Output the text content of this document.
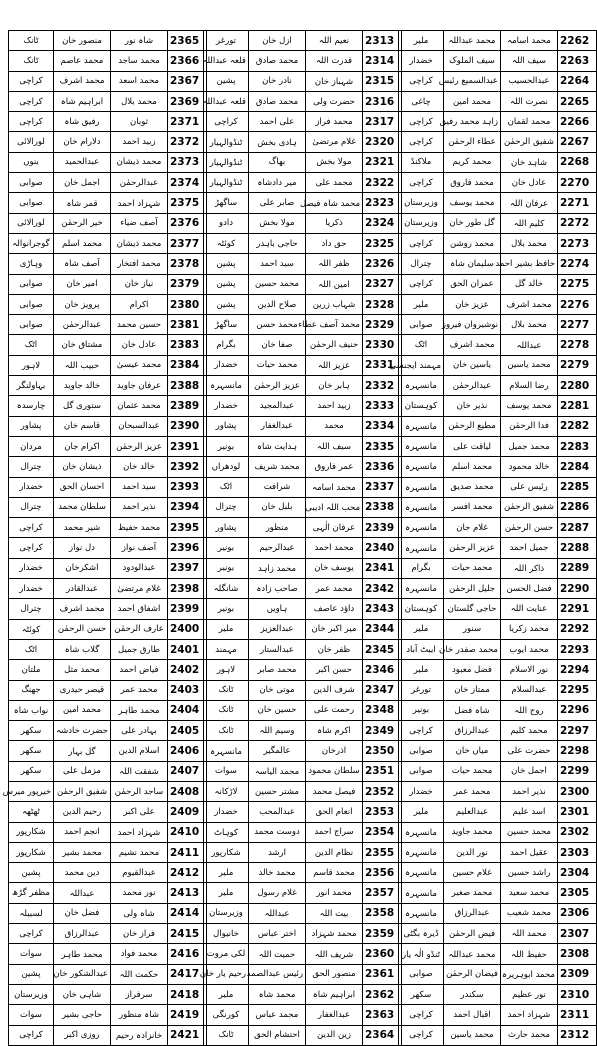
ٹانک	منصور خان	شاہ نور	2365
ٹانک	محمد عاصم	محمد ساجد	2366
کراچی	محمد اشرف	محمد اسعد	2367
کراچی	ابراہیم شاہ	محمد بلال	2369
کراچی	رفیق شاہ	ثوبان	2371
لورالائی	دلارام خان	زبید احمد	2372
بنوں	عبدالحمید	محمد ذیشان	2373
صوابی	اجمل خان	عبدالرحمٰن	2374
صوابی	قمر شاہ	شہزاد احمد	2375
لورالائی	خیر الرحمٰن	آصف ضیاء	2376
گوجرانوالہ	محمد اسلم	محمد ذیشان	2377
وہاڑی	آصف شاہ	محمد افتخار	2378
صوابی	امیر خان	نیاز خان	2379
صوابی	پرویز خان	اکرام	2380
صوابی	عبدالرحمٰن	حسین محمد	2381
اٹک	مشتاق خان	عادل خان	2383
لاہور	حبیب اللہ	محمد عیسیٰ	2384
بہاولنگر	خالد جاوید	عرفان جاوید	2388
چارسدہ	ستوری گل	محمد عثمان	2389
پشاور	قاسم خان	عبدالسبحان	2390
مردان	اکرام جان	عزیز الرحمٰن	2391
چترال	ذیشان خان	خالد خان	2392
خضدار	احسان الحق	سید احمد	2393
چترال	سلطان محمد	نذیر احمد	2394
کراچی	شیر محمد	محمد حفیظ	2395
کراچی	دل نواز	آصف نواز	2396
خضدار	اشکرخان	عبدالودود	2397
خضدار	عبدالقادر	غلام مرتضیٰ	2398
چترال	محمد اشرف	اشفاق احمد	2399
کوئٹہ	حسن الرحمٰن	عارف الرحمٰن	2400
اٹک	گلاب شاہ	طارق جمیل	2401
ملتان	محمد مثل	فیاض احمد	2402
جھنگ	قیصر حیدری	محمد عمر	2403
نواب شاہ	محمد امین	محمد طاہر	2404
سکھر	حضرت خادشہ	بہادر علی	2405
سکھر	گل بہار	اسلام الدین	2406
سکھر	مزمل علی	شفقت اللہ	2407
خیرپور میرس	شفیق الرحمٰن	ساجد الرحمٰن	2408
ٹھٹھہ	رحیم الدین	علی اکبر	2409
شکارپور	انجم احمد	شہزاد احمد	2410
شکارپور	محمد بشیر	محمد نشیم	2411
پشین	دین محمد	عبدالقیوم	2412
مظفر گڑھ	عبداللہ	نور محمد	2413
لسبیلہ	فضل خان	شاہ ولی	2414
کراچی	عبدالرزاق	فراز خان	2415
سوات	محمد طاہر	محمد فواد	2416
پشین	عبدالشکور خان	حکمت اللہ	2417
وزیرستان	شاہی خان	سرفراز	2418
سوات	حاجی بشیر	شاہ منظور	2419
کراچی	روزی اکبر	خانزادہ رحیم	2421
تورغر	ازل خان	نعیم اللہ	2313
قلعہ عبداللہ	محمد صادق	قدرت اللہ	2314
پشین	نادر خان	شہباز خان	2315
قلعہ عبداللہ	محمد صادق	حضرت ولی	2316
کراچی	علی احمد	محمد فراز	2317
ٹنڈوالہیار	ہادی بخش	غلام مرتضیٰ	2320
ٹنڈوالہیار	بھاگ	مولا بخش	2321
ٹنڈوالہیار	میر دادشاہ	محمد علی	2322
ساگھڑ	صابر علی	محمد شاہ فیصل	2323
دادو	مولا بخش	ذکریا	2324
کوئٹہ	حاجی باہدر	حق داد	2325
پشین	سید احمد	ظفر اللہ	2326
پشین	محمد حسین	امین اللہ	2327
پشین	صلاح الدین	شہاب زرین	2328
ساگھڑ	محمد حسن	محمد آصف عطاء	2329
بگرام	صفا خان	حنیف الرحمٰن	2330
خضدار	محمد حیات	عزیز اللہ	2331
مانسہرہ	عزیز الرحمٰن	ہابر خان	2332
خضدار	عبدالمجید	زبید احمد	2333
پشاور	عبدالغفار	محمد	2334
بونیر	ہدایت شاہ	سیف اللہ	2335
لودھراں	محمد شریف	عمر فاروق	2336
اٹک	شرافت	محمد اسامہ	2337
چترال	بلبل خان	محب اللہ ادیبی	2338
پشاور	منظور	عرفان الٰہی	2339
بونیر	عبدالرحیم	محمد احمد	2340
بونیر	محمد زاہد	یوسف خان	2341
شانگلہ	صاحب زادہ	محمد عمر	2342
بونیر	ہاویں	داؤد عاصف	2343
ملیر	عبدالعزیز	میر اکبر خان	2344
مہمند	عبدالستار	ظفر خان	2345
لاہور	محمد صابر	حسن اکبر	2346
ٹانک	موتی خان	شرف الدین	2347
ٹانک	حسین خان	رحمت علی	2348
ٹانک	وسیم اللہ	اکرم شاہ	2349
مانسہرہ	عالمگیر	اذرخان	2350
سوات	محمد الیاسہ	سلطان محمود	2351
لاڑکانہ	مشتر حسین	فیصل محمد	2352
خضدار	عبدالمحب	انعام الحق	2353
کوہاٹ	دوست محمد	سراج احمد	2354
شکارپور	ارشد	نظام الدین	2355
ملیر	محمد خالد	محمد قاسم	2356
ملیر	غلام رسول	محمد انور	2357
وزیرستان	عبداللہ	بیت اللہ	2358
خانیوال	اختر عباس	محمد شہزاد	2359
لکی مروت	حمیت اللہ	شریف اللہ	2360
رحیم یار خان	رئیس عبدالصمد	منصور الحق	2361
ملیر	محمد شاہ	ابراہیم شاہ	2362
کورنگی	محمد عباس	عبدالغفار	2363
ٹانک	احتشام الحق	زین الدین	2364
ملیر	محمد عبداللہ	محمد اسامہ	2262
خضدار	سیف الملوک	سیف اللہ	2263
کراچی	عبدالسمیع رئیس	عبدالحسیب	2264
چاغی	محمد امین	نصرت اللہ	2265
کراچی	زاہد محمد رفیق	محمد لقمان	2266
کراچی	عطاء الرحمٰن	شفیق الرحمٰن	2267
ملاکنڈ	محمد کریم	شاہد خان	2268
کراچی	محمد فاروق	عادل خان	2270
وزیرستان	محمد یوسف	عرفان اللہ	2271
وزیرستان	گل طور خان	کلیم اللہ	2272
کراچی	محمد روشن	محمد بلال	2273
چترال	سلیمان شاہ	حافظ بشیر احمد	2274
کراچی	عمران الحق	خالد گل	2275
ملیر	عزیز خان	محمد اشرف	2276
صوابی	نوشیروان فیروز	محمد بلال	2277
اٹک	محمد اشرف	عبداللہ	2278
مہمند ایجنسی	یاسین خان	محمد یاسین	2279
مانسہرہ	عبدالرحمٰن	رضا السلام	2280
کوہستان	نذیر خان	محمد یوسف	2281
مانسہرہ	مطیع الرحمٰن	فدا الرحمٰن	2282
مانسہرہ	لیاقت علی	محمد جمیل	2283
مانسہرہ	محمد اسلم	خالد محمود	2284
مانسہرہ	محمد صدیق	رئیس علی	2285
مانسہرہ	محمد افسر	شفیق الرحمٰن	2286
مانسہرہ	غلام جان	حسن الرحمٰن	2287
مانسہرہ	عزیز الرحمٰن	جمیل احمد	2288
بگرام	محمد حیات	ذاکر اللہ	2289
مانسہرہ	جلیل الرحمٰن	فضل الحسن	2290
کوہستان	حاجی گلستان	عنایت اللہ	2291
ملیر	سنور	محمد زکریا	2292
ایبٹ آباد	محمد صفدر خان	محمد ایوب	2293
ملیر	فضل معبود	نور الاسلام	2294
تورغر	ممتاز خان	عبدالسلام	2295
بونیر	شاہ فضل	روح اللہ	2296
کراچی	عبدالرزاق	محمد کلیم	2297
صوابی	میاں خان	حضرت علی	2298
صوابی	محمد حیات	اجمل خان	2299
خضدار	محمد عمر	نذیر احمد	2300
ملیر	عبدالعلیم	اسد علیم	2301
مانسہرہ	محمد جاوید	محمد حسین	2302
مانسہرہ	نور الدین	عقیل احمد	2303
مانسہرہ	غلام حسین	راشد حسین	2304
مانسہرہ	محمد صغیر	محمد سعید	2305
مانسہرہ	عبدالرزاق	محمد شعیب	2306
ڈیرہ بگٹی	فیض الرحمٰن	محمد اللہ	2307
ٹنڈو الٰہ یار	محمد عبداللہ	حفیظ اللہ	2308
صوابی	فیضان الرحمٰن	محمد ابوہریرہ	2309
سکھر	سکندر	نور عظیم	2310
کراچی	اقبال احمد	شہزاد احمد	2311
کراچی	محمد یاسین	محمد حارث	2312
